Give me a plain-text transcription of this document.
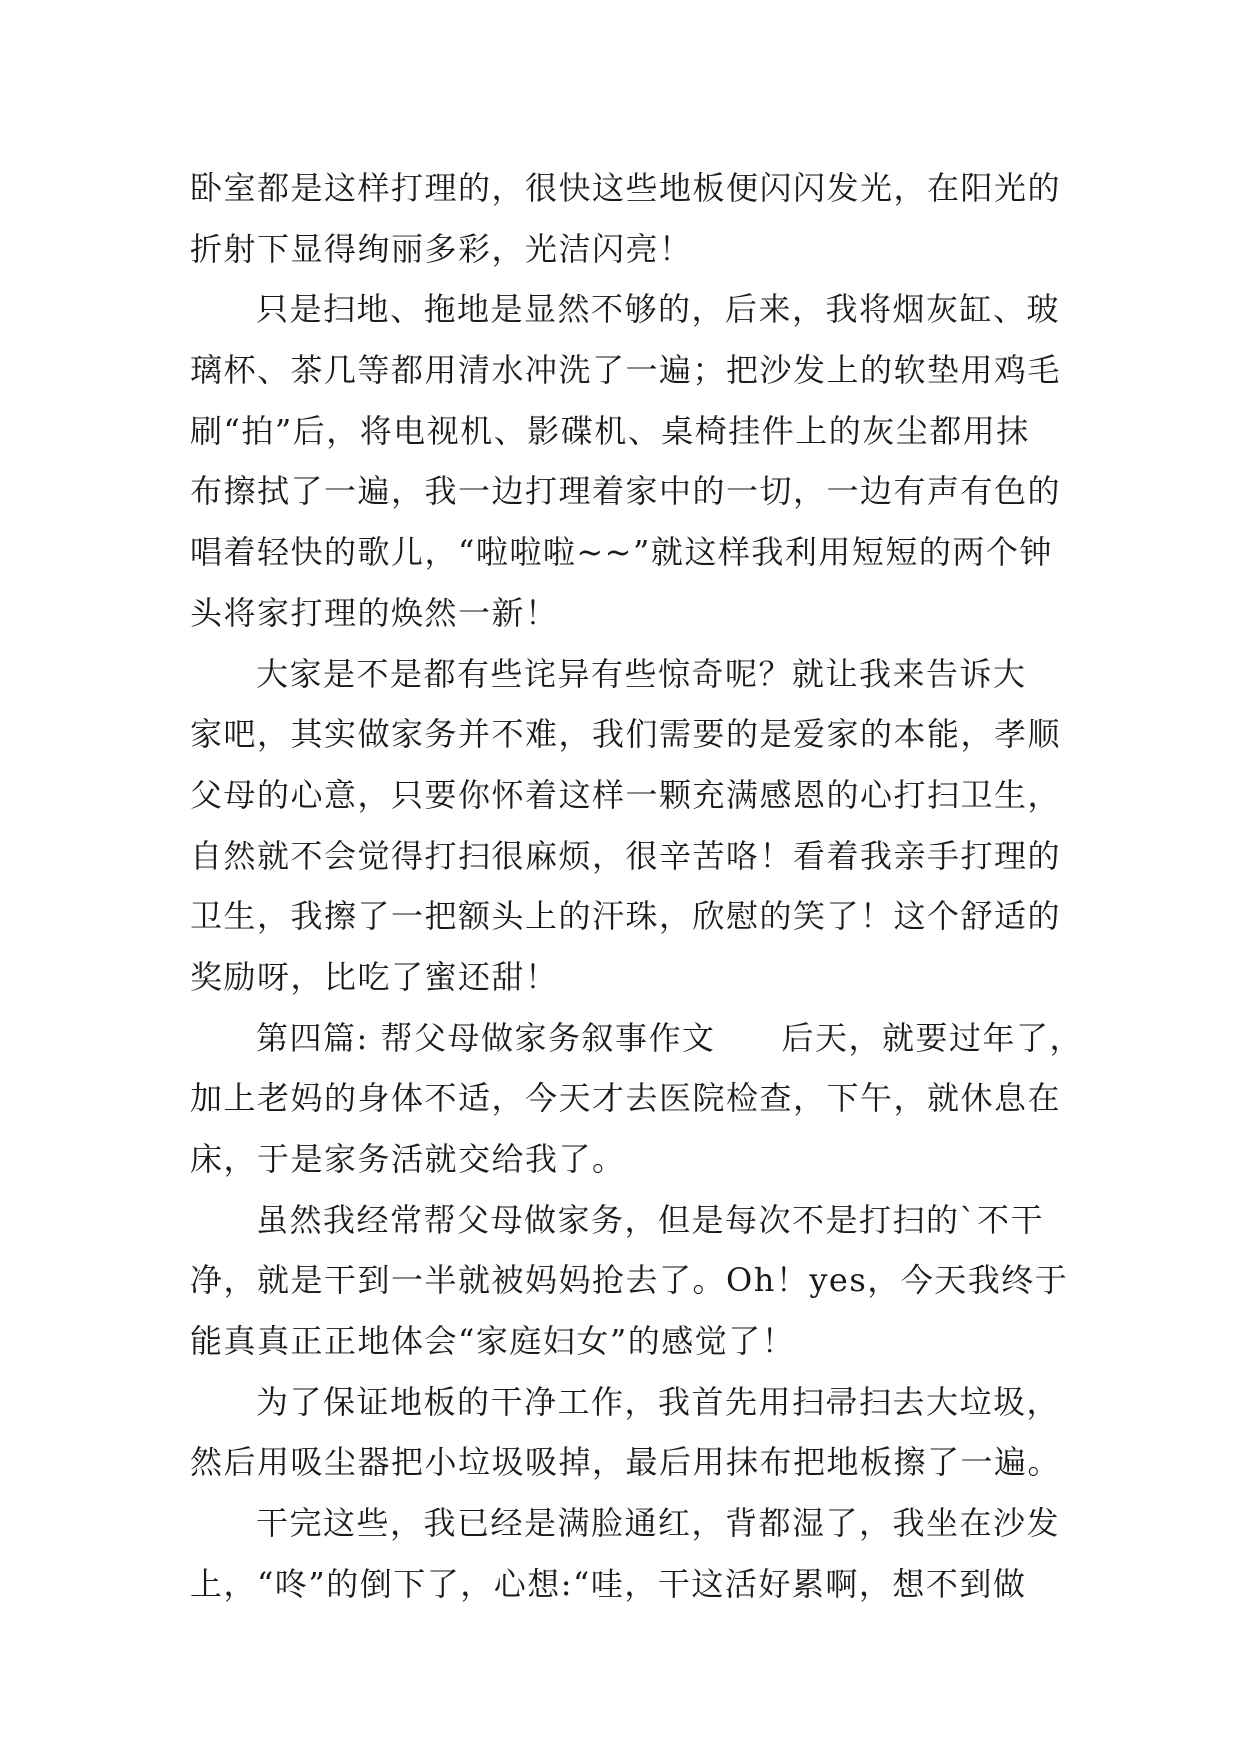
卧室都是这样打理的，很快这些地板便闪闪发光，在阳光的
折射下显得绚丽多彩，光洁闪亮！
只是扫地、拖地是显然不够的，后来，我将烟灰缸、玻
璃杯、茶几等都用清水冲洗了一遍；把沙发上的软垫用鸡毛
刷“拍”后，将电视机、影碟机、桌椅挂件上的灰尘都用抹
布擦拭了一遍，我一边打理着家中的一切，一边有声有色的
唱着轻快的歌儿，“啦啦啦~~”就这样我利用短短的两个钟
头将家打理的焕然一新！
大家是不是都有些诧异有些惊奇呢？就让我来告诉大
家吧，其实做家务并不难，我们需要的是爱家的本能，孝顺
父母的心意，只要你怀着这样一颗充满感恩的心打扫卫生，
自然就不会觉得打扫很麻烦，很辛苦咯！看着我亲手打理的
卫生，我擦了一把额头上的汗珠，欣慰的笑了！这个舒适的
奖励呀，比吃了蜜还甜！
第四篇: 帮父母做家务叙事作文 后天，就要过年了，
加上老妈的身体不适，今天才去医院检查，下午，就休息在
床，于是家务活就交给我了。
虽然我经常帮父母做家务，但是每次不是打扫的`不干
净，就是干到一半就被妈妈抢去了。Oh！yes，今天我终于
能真真正正地体会“家庭妇女”的感觉了！
为了保证地板的干净工作，我首先用扫帚扫去大垃圾，
然后用吸尘器把小垃圾吸掉，最后用抹布把地板擦了一遍。
干完这些，我已经是满脸通红，背都湿了，我坐在沙发
上，“咚”的倒下了，心想:“哇，干这活好累啊，想不到做
